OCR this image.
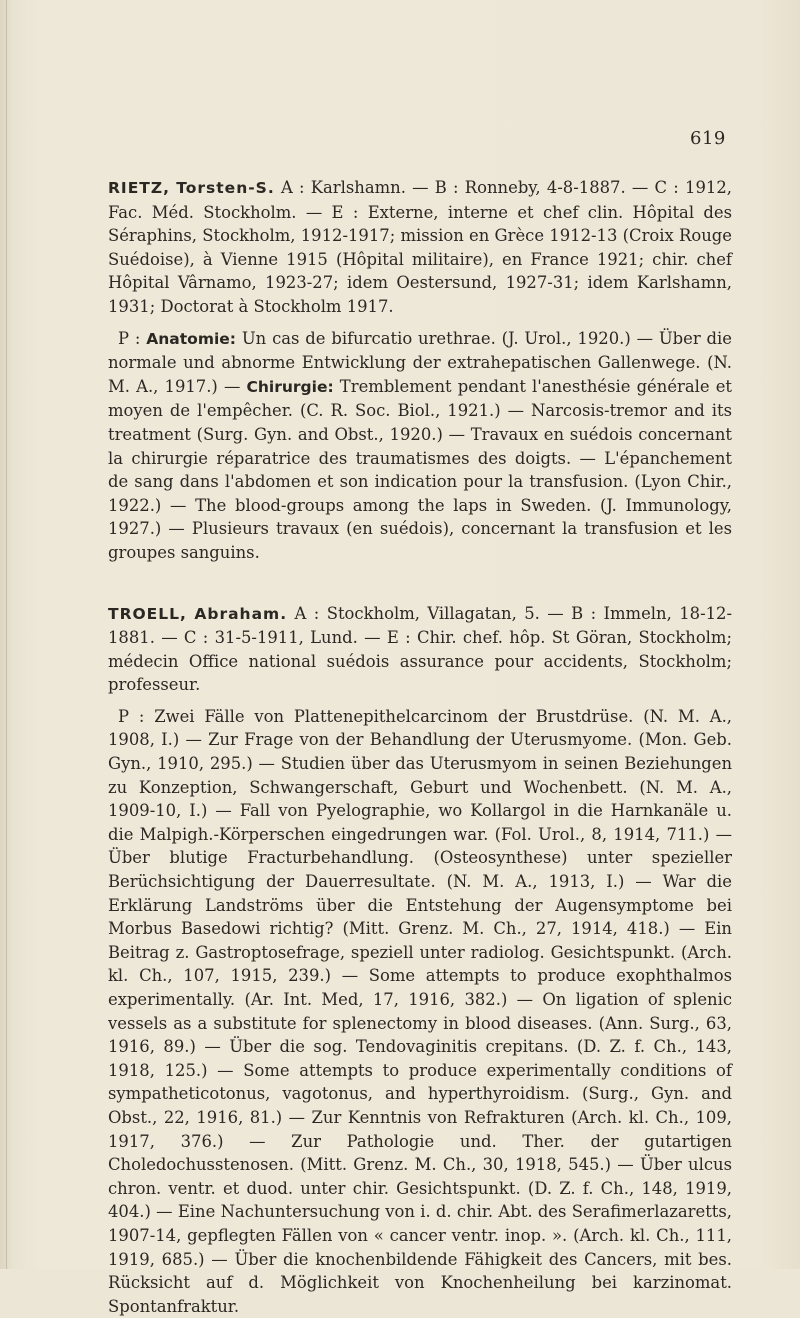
619

RIETZ, Torsten-S. A : Karlshamn. — B : Ronneby, 4-8-1887. — C : 1912, Fac. Méd. Stockholm. — E : Externe, interne et chef clin. Hôpital des Séraphins, Stockholm, 1912-1917; mission en Grèce 1912-13 (Croix Rouge Suédoise), à Vienne 1915 (Hôpital militaire), en France 1921; chir. chef Hôpital Vârnamo, 1923-27; idem Oestersund, 1927-31; idem Karlshamn, 1931; Doctorat à Stockholm 1917.

P : Anatomie: Un cas de bifurcatio urethrae. (J. Urol., 1920.) — Über die normale und abnorme Entwicklung der extrahepatischen Gallenwege. (N. M. A., 1917.) — Chirurgie: Tremblement pendant l'anesthésie générale et moyen de l'empêcher. (C. R. Soc. Biol., 1921.) — Narcosis-tremor and its treatment (Surg. Gyn. and Obst., 1920.) — Travaux en suédois concernant la chirurgie réparatrice des traumatismes des doigts. — L'épanchement de sang dans l'abdomen et son indication pour la transfusion. (Lyon Chir., 1922.) — The blood-groups among the laps in Sweden. (J. Immunology, 1927.) — Plusieurs travaux (en suédois), concernant la transfusion et les groupes sanguins.

TROELL, Abraham. A : Stockholm, Villagatan, 5. — B : Immeln, 18-12-1881. — C : 31-5-1911, Lund. — E : Chir. chef. hôp. St Göran, Stockholm; médecin Office national suédois assurance pour accidents, Stockholm; professeur.

P : Zwei Fälle von Plattenepithelcarcinom der Brustdrüse. (N. M. A., 1908, I.) — Zur Frage von der Behandlung der Uterusmyome. (Mon. Geb. Gyn., 1910, 295.) — Studien über das Uterusmyom in seinen Beziehungen zu Konzeption, Schwangerschaft, Geburt und Wochenbett. (N. M. A., 1909-10, I.) — Fall von Pyelographie, wo Kollargol in die Harnkanäle u. die Malpigh.-Körperschen eingedrungen war. (Fol. Urol., 8, 1914, 711.) — Über blutige Fracturbehandlung. (Osteosynthese) unter spezieller Berüchsichtigung der Dauerresultate. (N. M. A., 1913, I.) — War die Erklärung Landströms über die Entstehung der Augensymptome bei Morbus Basedowi richtig? (Mitt. Grenz. M. Ch., 27, 1914, 418.) — Ein Beitrag z. Gastroptosefrage, speziell unter radiolog. Gesichtspunkt. (Arch. kl. Ch., 107, 1915, 239.) — Some attempts to produce exophthalmos experimentally. (Ar. Int. Med, 17, 1916, 382.) — On ligation of splenic vessels as a substitute for splenectomy in blood diseases. (Ann. Surg., 63, 1916, 89.) — Über die sog. Tendovaginitis crepitans. (D. Z. f. Ch., 143, 1918, 125.) — Some attempts to produce experimentally conditions of sympatheticotonus, vagotonus, and hyperthyroidism. (Surg., Gyn. and Obst., 22, 1916, 81.) — Zur Kenntnis von Refrakturen (Arch. kl. Ch., 109, 1917, 376.) — Zur Pathologie und. Ther. der gutartigen Choledochusstenosen. (Mitt. Grenz. M. Ch., 30, 1918, 545.) — Über ulcus chron. ventr. et duod. unter chir. Gesichtspunkt. (D. Z. f. Ch., 148, 1919, 404.) — Eine Nachuntersuchung von i. d. chir. Abt. des Serafimerlazaretts, 1907-14, gepflegten Fällen von « cancer ventr. inop. ». (Arch. kl. Ch., 111, 1919, 685.) — Über die knochenbildende Fähigkeit des Cancers, mit bes. Rücksicht auf d. Möglichkeit von Knochenheilung bei karzinomat. Spontanfraktur.
